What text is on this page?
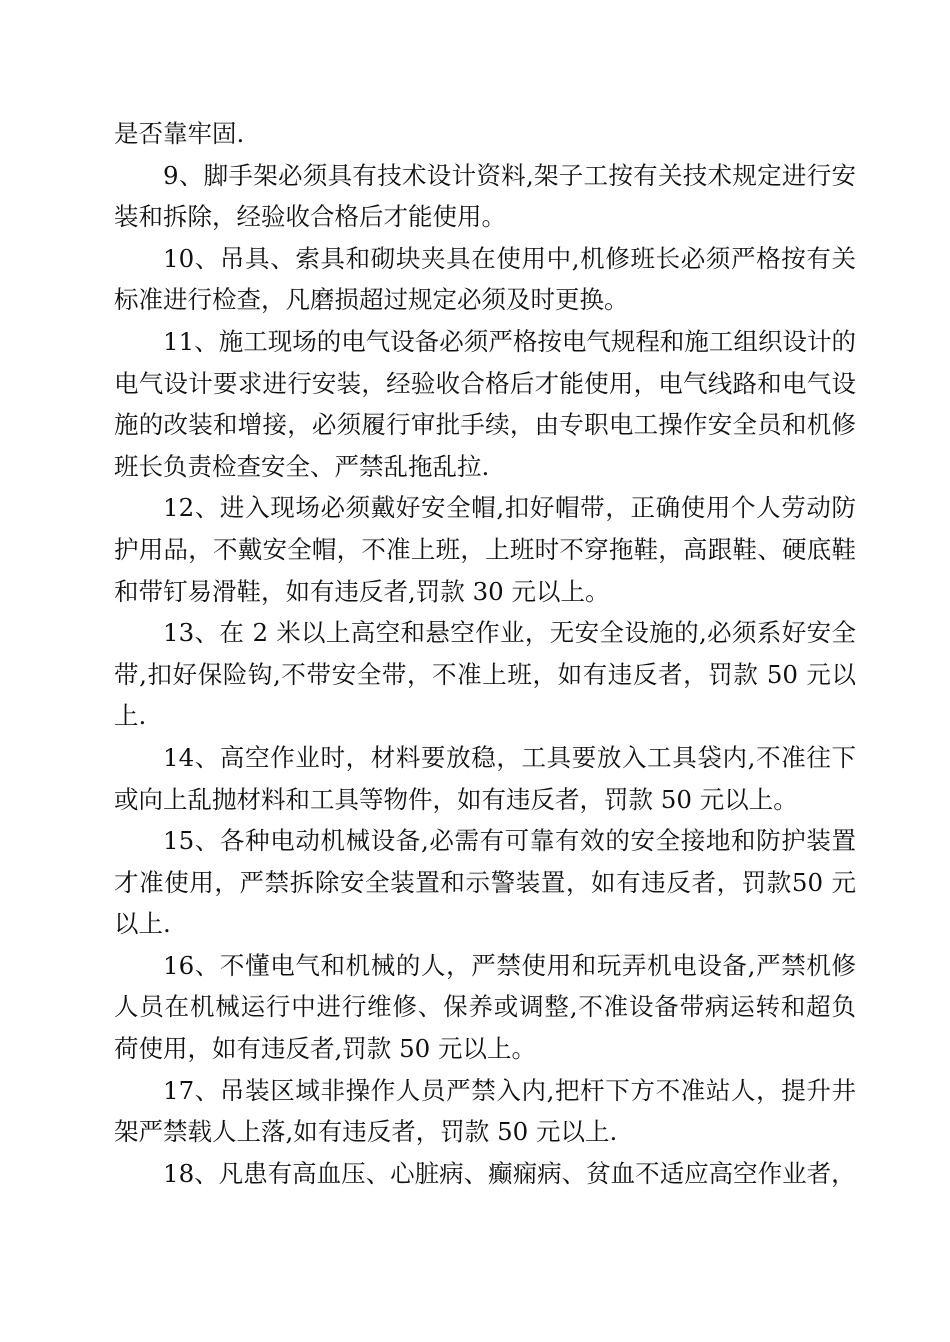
是否靠牢固.

9、脚手架必须具有技术设计资料,架子工按有关技术规定进行安装和拆除，经验收合格后才能使用。

10、吊具、索具和砌块夹具在使用中,机修班长必须严格按有关标准进行检查，凡磨损超过规定必须及时更换。

11、施工现场的电气设备必须严格按电气规程和施工组织设计的电气设计要求进行安装，经验收合格后才能使用，电气线路和电气设施的改装和增接，必须履行审批手续，由专职电工操作安全员和机修班长负责检查安全、严禁乱拖乱拉.

12、进入现场必须戴好安全帽,扣好帽带，正确使用个人劳动防护用品，不戴安全帽，不准上班，上班时不穿拖鞋，高跟鞋、硬底鞋和带钉易滑鞋，如有违反者,罚款 30 元以上。

13、在 2 米以上高空和悬空作业，无安全设施的,必须系好安全带,扣好保险钩,不带安全带，不准上班，如有违反者，罚款 50 元以上.

14、高空作业时，材料要放稳，工具要放入工具袋内,不准往下或向上乱抛材料和工具等物件，如有违反者，罚款 50 元以上。

15、各种电动机械设备,必需有可靠有效的安全接地和防护装置才准使用，严禁拆除安全装置和示警装置，如有违反者，罚款50 元以上.

16、不懂电气和机械的人，严禁使用和玩弄机电设备,严禁机修人员在机械运行中进行维修、保养或调整,不准设备带病运转和超负荷使用，如有违反者,罚款 50 元以上。

17、吊装区域非操作人员严禁入内,把杆下方不准站人，提升井架严禁载人上落,如有违反者，罚款 50 元以上.

18、凡患有高血压、心脏病、癫痫病、贫血不适应高空作业者，
